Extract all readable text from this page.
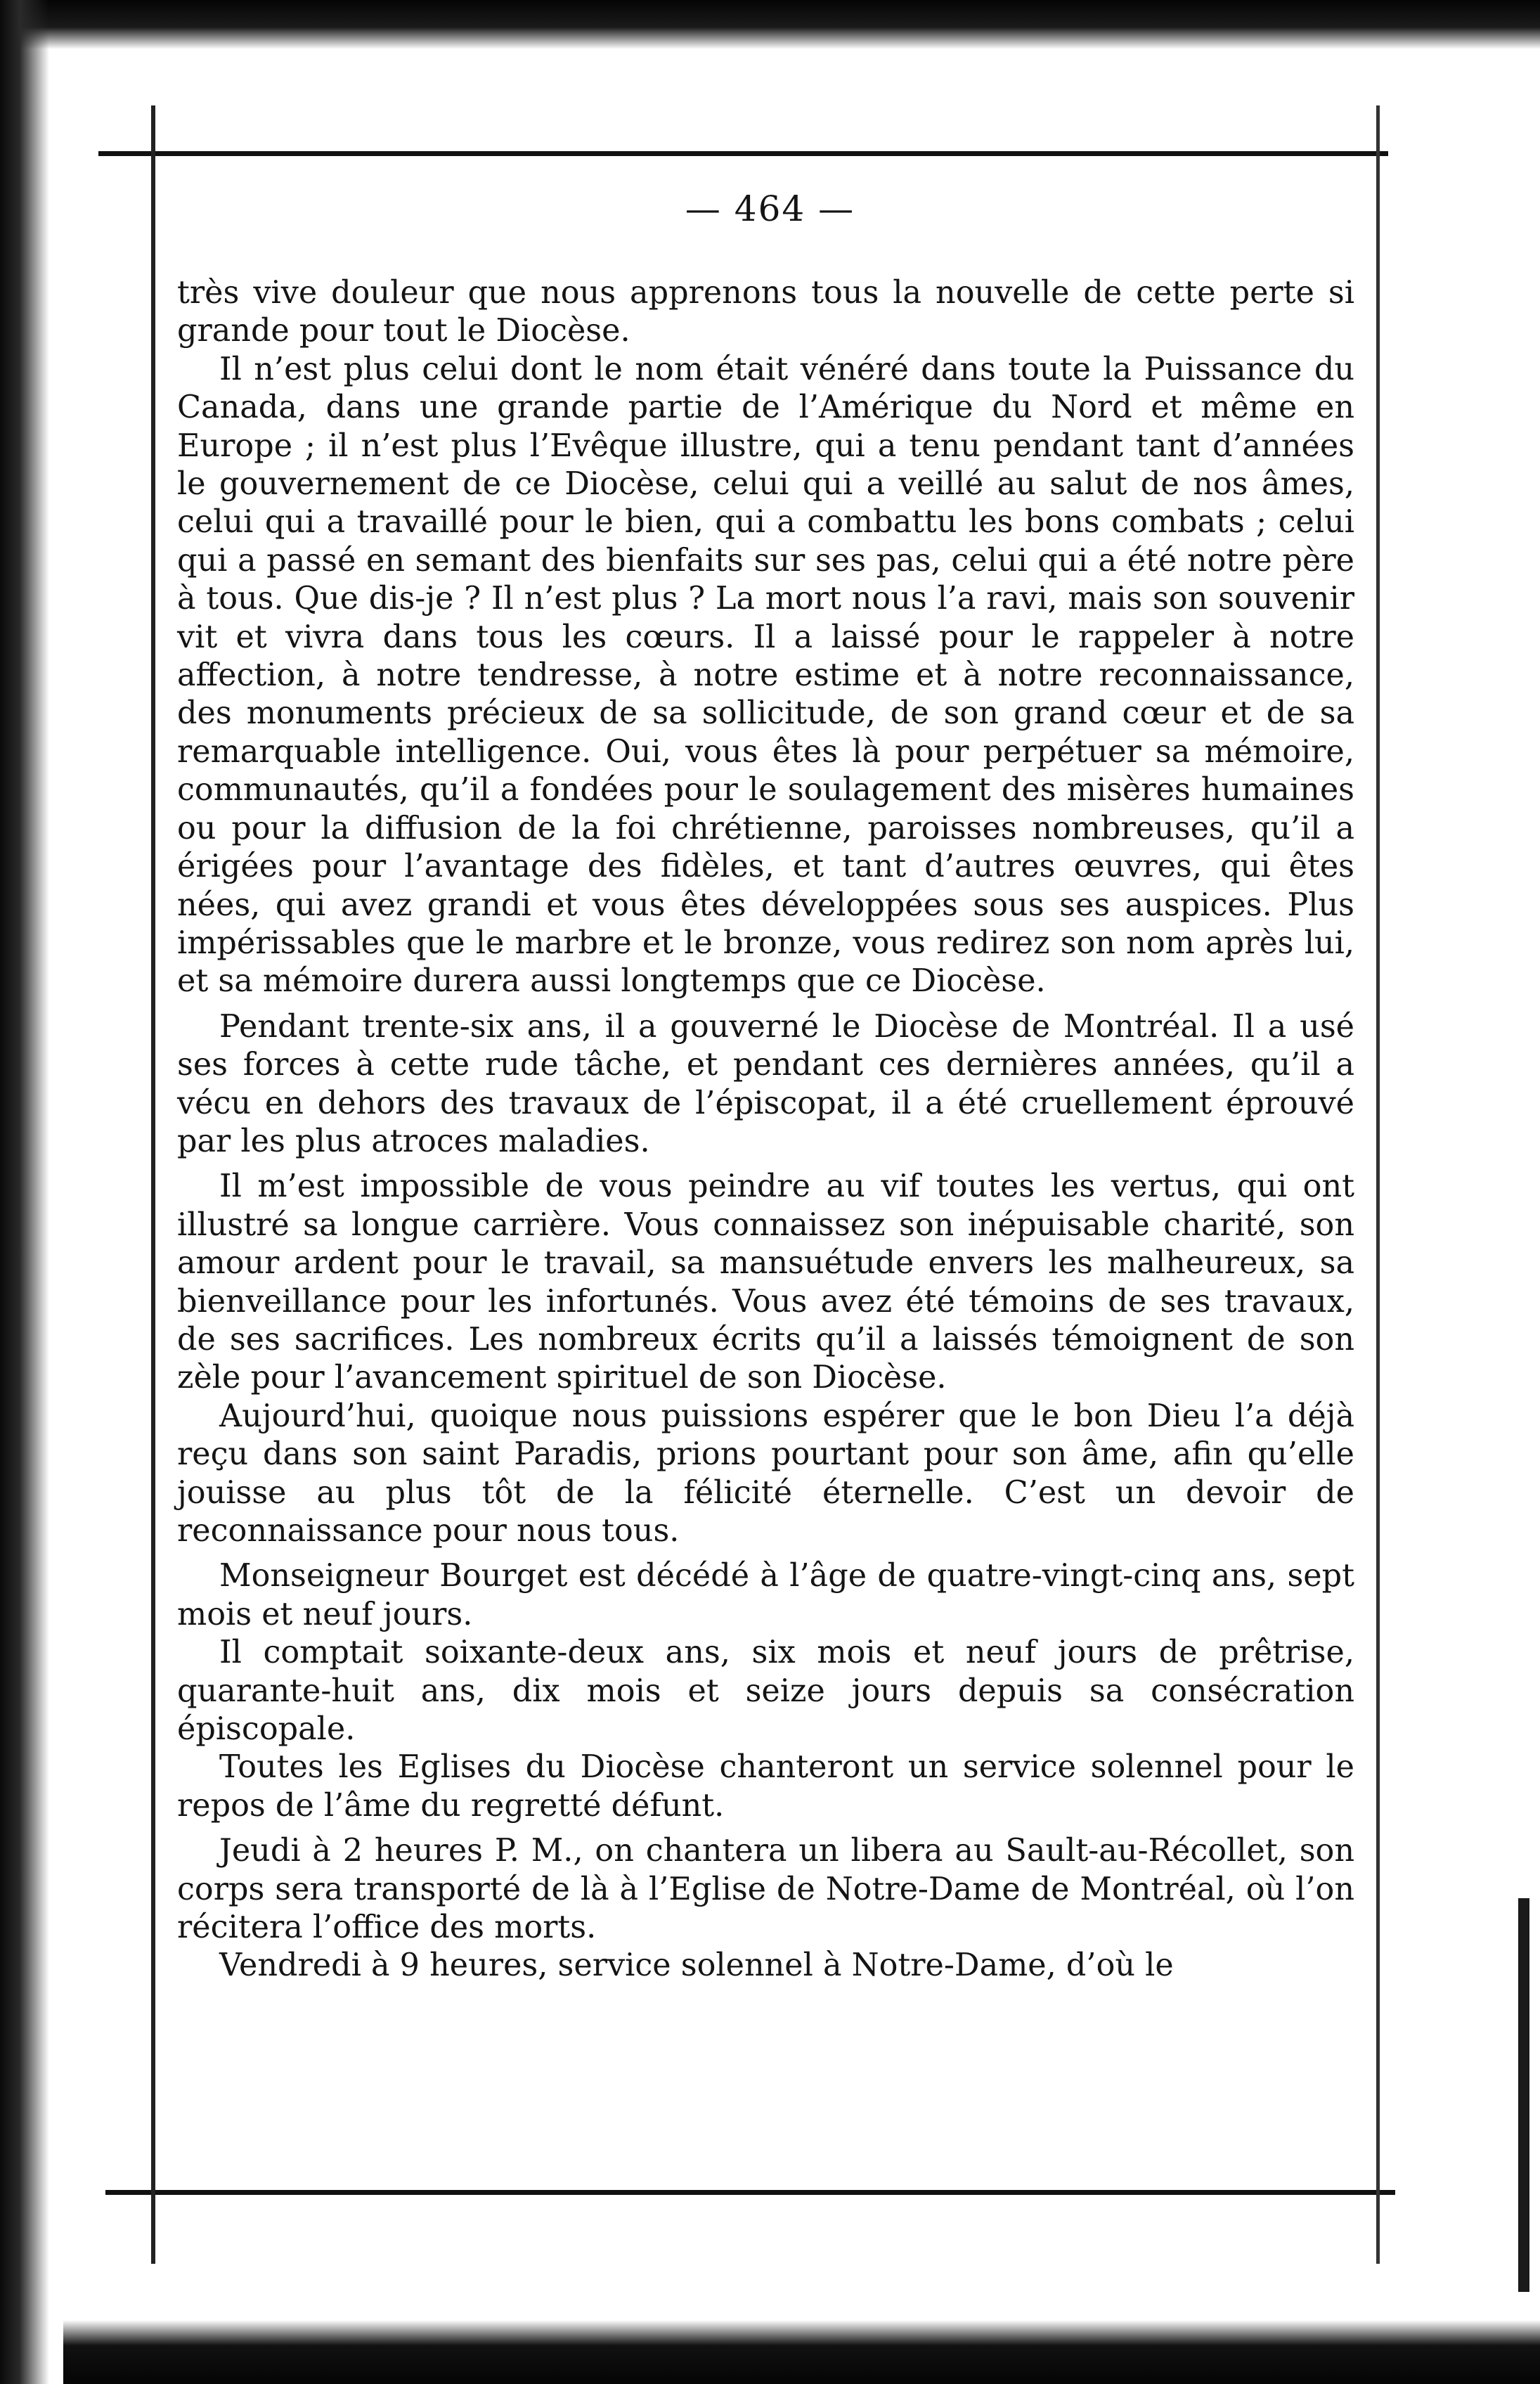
— 464 —

très vive douleur que nous apprenons tous la nouvelle de cette perte si grande pour tout le Diocèse.

Il n’est plus celui dont le nom était vénéré dans toute la Puissance du Canada, dans une grande partie de l’Amérique du Nord et même en Europe ; il n’est plus l’Evêque illustre, qui a tenu pendant tant d’années le gouvernement de ce Diocèse, celui qui a veillé au salut de nos âmes, celui qui a travaillé pour le bien, qui a combattu les bons combats ; celui qui a passé en semant des bienfaits sur ses pas, celui qui a été notre père à tous. Que dis-je ? Il n’est plus ? La mort nous l’a ravi, mais son souvenir vit et vivra dans tous les cœurs. Il a laissé pour le rappeler à notre affection, à notre tendresse, à notre estime et à notre reconnaissance, des monuments précieux de sa sollicitude, de son grand cœur et de sa remarquable intelligence. Oui, vous êtes là pour perpétuer sa mémoire, communautés, qu’il a fondées pour le soulagement des misères humaines ou pour la diffusion de la foi chrétienne, paroisses nombreuses, qu’il a érigées pour l’avantage des fidèles, et tant d’autres œuvres, qui êtes nées, qui avez grandi et vous êtes développées sous ses auspices. Plus impérissables que le marbre et le bronze, vous redirez son nom après lui, et sa mémoire durera aussi longtemps que ce Diocèse.

Pendant trente-six ans, il a gouverné le Diocèse de Montréal. Il a usé ses forces à cette rude tâche, et pendant ces dernières années, qu’il a vécu en dehors des travaux de l’épiscopat, il a été cruellement éprouvé par les plus atroces maladies.

Il m’est impossible de vous peindre au vif toutes les vertus, qui ont illustré sa longue carrière. Vous connaissez son inépuisable charité, son amour ardent pour le travail, sa mansuétude envers les malheureux, sa bienveillance pour les infortunés. Vous avez été témoins de ses travaux, de ses sacrifices. Les nombreux écrits qu’il a laissés témoignent de son zèle pour l’avancement spirituel de son Diocèse.

Aujourd’hui, quoique nous puissions espérer que le bon Dieu l’a déjà reçu dans son saint Paradis, prions pourtant pour son âme, afin qu’elle jouisse au plus tôt de la félicité éternelle. C’est un devoir de reconnaissance pour nous tous.

Monseigneur Bourget est décédé à l’âge de quatre-vingt-cinq ans, sept mois et neuf jours.

Il comptait soixante-deux ans, six mois et neuf jours de prêtrise, quarante-huit ans, dix mois et seize jours depuis sa consécration épiscopale.

Toutes les Eglises du Diocèse chanteront un service solennel pour le repos de l’âme du regretté défunt.

Jeudi à 2 heures P. M., on chantera un libera au Sault-au-Récollet, son corps sera transporté de là à l’Eglise de Notre-Dame de Montréal, où l’on récitera l’office des morts.

Vendredi à 9 heures, service solennel à Notre-Dame, d’où le
